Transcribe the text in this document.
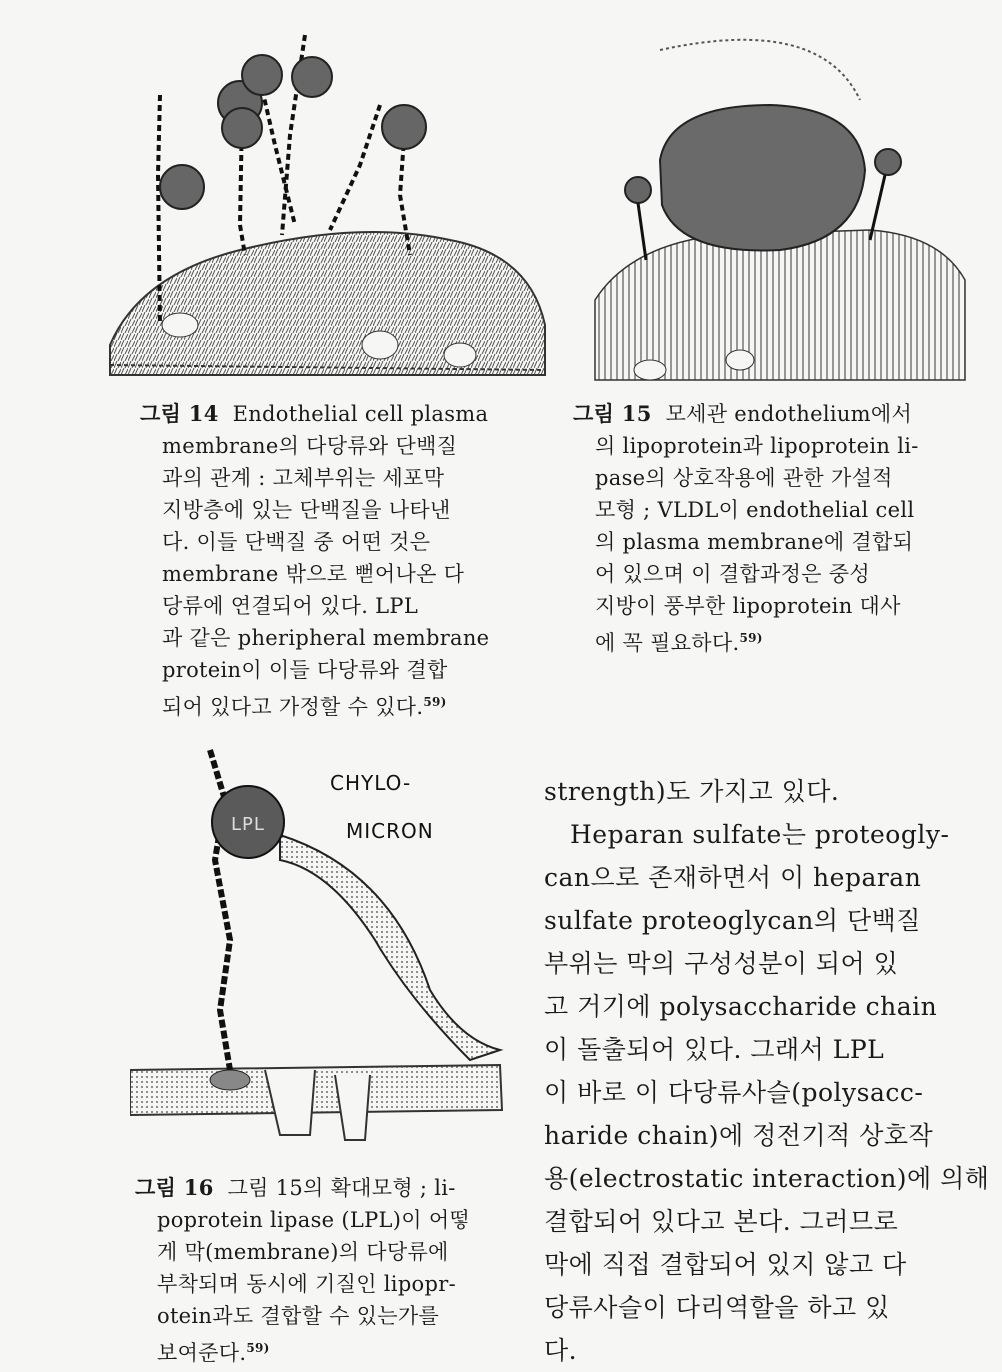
LPL
CHYLO-
MICRON
그림 14 Endothelial cell plasma
membrane의 다당류와 단백질
과의 관계 : 고체부위는 세포막
지방층에 있는 단백질을 나타낸
다. 이들 단백질 중 어떤 것은
membrane 밖으로 뻗어나온 다
당류에 연결되어 있다. LPL
과 같은 pheripheral membrane
protein이 이들 다당류와 결합
되어 있다고 가정할 수 있다.$^{59)}$
그림 15 모세관 endothelium에서
의 lipoprotein과 lipoprotein li-
pase의 상호작용에 관한 가설적
모형 ; VLDL이 endothelial cell
의 plasma membrane에 결합되
어 있으며 이 결합과정은 중성
지방이 풍부한 lipoprotein 대사
에 꼭 필요하다.$^{59)}$
그림 16 그림 15의 확대모형 ; li-
poprotein lipase (LPL)이 어떻
게 막(membrane)의 다당류에
부착되며 동시에 기질인 lipopr-
otein과도 결합할 수 있는가를
보여준다.$^{59)}$
strength)도 가지고 있다.
Heparan sulfate는 proteogly-
can으로 존재하면서 이 heparan
sulfate proteoglycan의 단백질
부위는 막의 구성성분이 되어 있
고 거기에 polysaccharide chain
이 돌출되어 있다. 그래서 LPL
이 바로 이 다당류사슬(polysacc-
haride chain)에 정전기적 상호작
용(electrostatic interaction)에 의해
결합되어 있다고 본다. 그러므로
막에 직접 결합되어 있지 않고 다
당류사슬이 다리역할을 하고 있
다.
